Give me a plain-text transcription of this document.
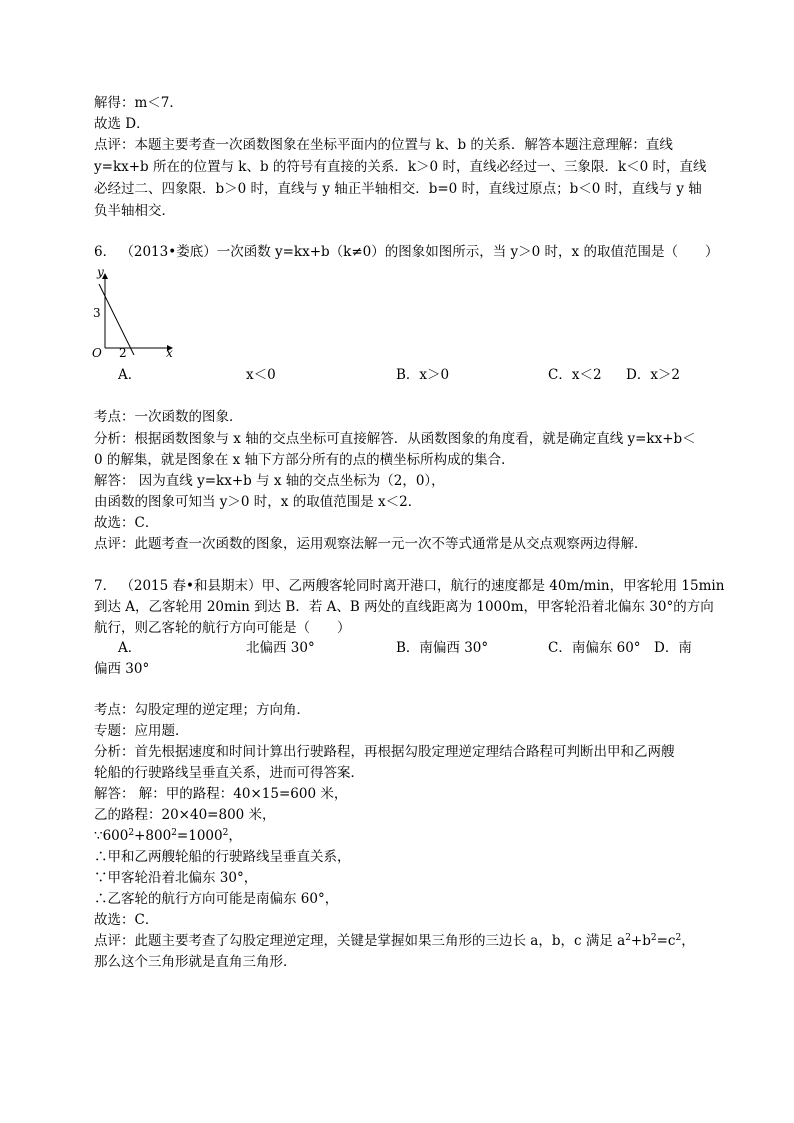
解得：m＜7．
故选 D．
点评：本题主要考查一次函数图象在坐标平面内的位置与 k、b 的关系．解答本题注意理解：直线
y=kx+b 所在的位置与 k、b 的符号有直接的关系．k＞0 时，直线必经过一、三象限．k＜0 时，直线
必经过二、四象限．b＞0 时，直线与 y 轴正半轴相交．b=0 时，直线过原点；b＜0 时，直线与 y 轴
负半轴相交．
6． （2013•娄底）一次函数 y=kx+b（k≠0）的图象如图所示，当 y＞0 时，x 的取值范围是（　　）
y
x
O
3
2
A．	x＜0	B．x＞0	C．x＜2 D．x＞2
考点：一次函数的图象．
分析：根据函数图象与 x 轴的交点坐标可直接解答．从函数图象的角度看，就是确定直线 y=kx+b＜
0 的解集，就是图象在 x 轴下方部分所有的点的横坐标所构成的集合．
解答： 因为直线 y=kx+b 与 x 轴的交点坐标为（2，0），
由函数的图象可知当 y＞0 时，x 的取值范围是 x＜2．
故选：C．
点评：此题考查一次函数的图象，运用观察法解一元一次不等式通常是从交点观察两边得解．
7． （2015 春•和县期末）甲、乙两艘客轮同时离开港口，航行的速度都是 40m/min，甲客轮用 15min
到达 A，乙客轮用 20min 到达 B．若 A、B 两处的直线距离为 1000m，甲客轮沿着北偏东 30°的方向
航行，则乙客轮的航行方向可能是（　　）
A．	北偏西 30°	B．南偏西 30°	C．南偏东 60° D．南
偏西 30°
考点：勾股定理的逆定理；方向角．
专题：应用题．
分析：首先根据速度和时间计算出行驶路程，再根据勾股定理逆定理结合路程可判断出甲和乙两艘
轮船的行驶路线呈垂直关系，进而可得答案．
解答： 解：甲的路程：40×15=600 米，
乙的路程：20×40=800 米，
$\because 600^2+800^2=1000^2$，
∴甲和乙两艘轮船的行驶路线呈垂直关系，
∵甲客轮沿着北偏东 30°，
∴乙客轮的航行方向可能是南偏东 60°，
故选：C．
点评：此题主要考查了勾股定理逆定理，关键是掌握如果三角形的三边长 a，b，c 满足 $a^2+b^2=c^2$，
那么这个三角形就是直角三角形．
